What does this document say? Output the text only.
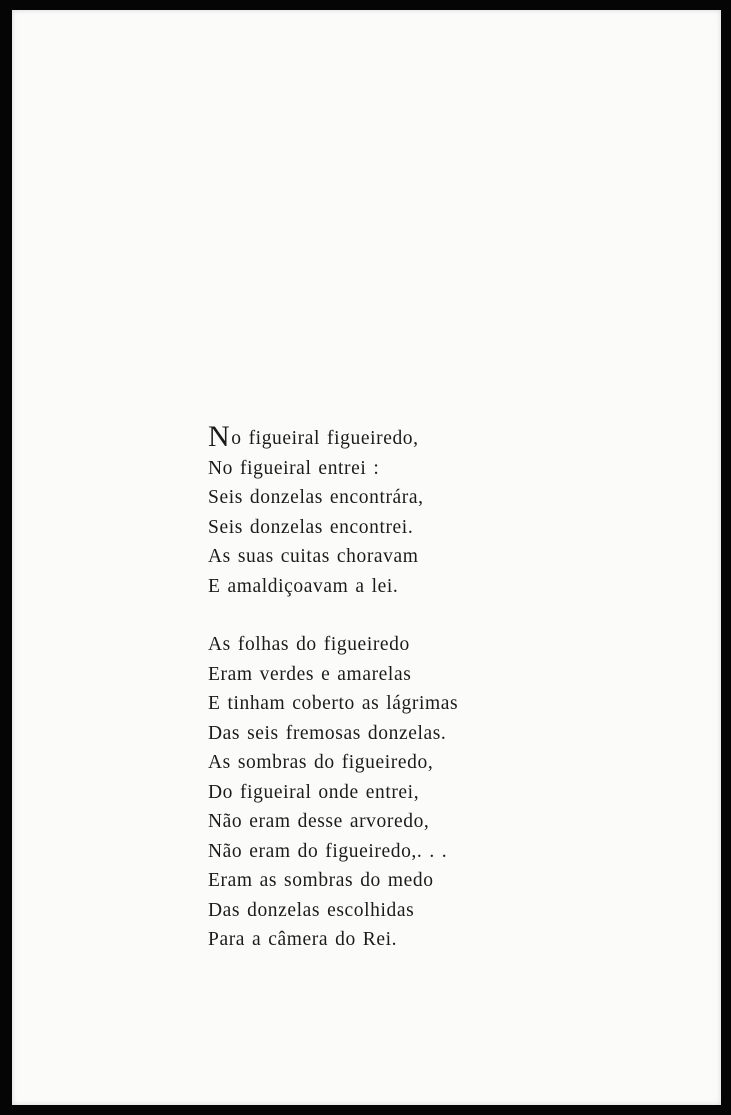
No figueiral figueiredo,
No figueiral entrei :
Seis donzelas encontrára,
Seis donzelas encontrei.
As suas cuitas choravam
E amaldiçoavam a lei.
As folhas do figueiredo
Eram verdes e amarelas
E tinham coberto as lágrimas
Das seis fremosas donzelas.
As sombras do figueiredo,
Do figueiral onde entrei,
Não eram desse arvoredo,
Não eram do figueiredo,. . .
Eram as sombras do medo
Das donzelas escolhidas
Para a câmera do Rei.
